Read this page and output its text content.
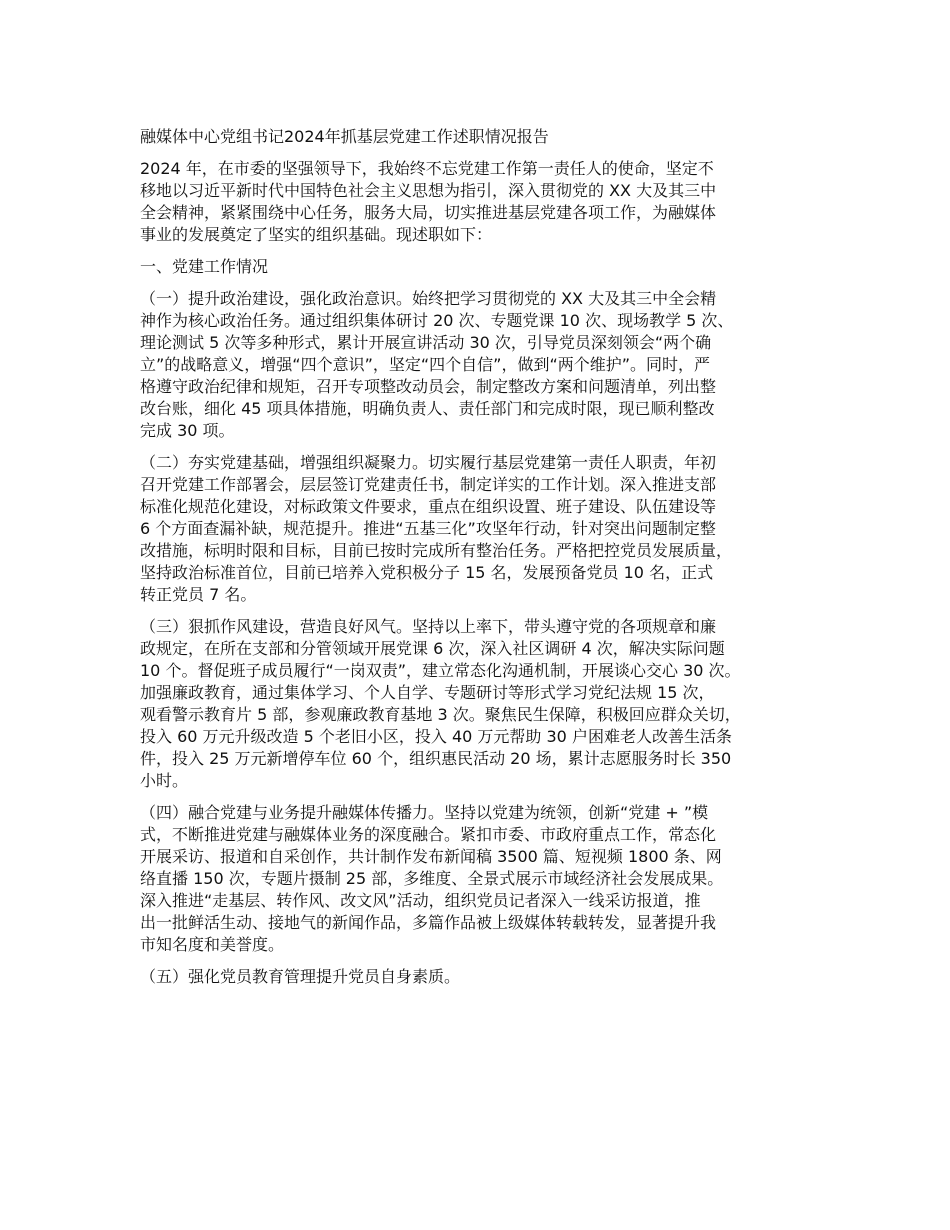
融媒体中心党组书记2024年抓基层党建工作述职情况报告
2024 年，在市委的坚强领导下，我始终不忘党建工作第一责任人的使命，坚定不
移地以习近平新时代中国特色社会主义思想为指引，深入贯彻党的 XX 大及其三中
全会精神，紧紧围绕中心任务，服务大局，切实推进基层党建各项工作，为融媒体
事业的发展奠定了坚实的组织基础。现述职如下：
一、党建工作情况
（一）提升政治建设，强化政治意识。始终把学习贯彻党的 XX 大及其三中全会精
神作为核心政治任务。通过组织集体研讨 20 次、专题党课 10 次、现场教学 5 次、
理论测试 5 次等多种形式，累计开展宣讲活动 30 次，引导党员深刻领会“两个确
立”的战略意义，增强“四个意识”，坚定“四个自信”，做到“两个维护”。同时，严
格遵守政治纪律和规矩，召开专项整改动员会，制定整改方案和问题清单，列出整
改台账，细化 45 项具体措施，明确负责人、责任部门和完成时限，现已顺利整改
完成 30 项。
（二）夯实党建基础，增强组织凝聚力。切实履行基层党建第一责任人职责，年初
召开党建工作部署会，层层签订党建责任书，制定详实的工作计划。深入推进支部
标准化规范化建设，对标政策文件要求，重点在组织设置、班子建设、队伍建设等
6 个方面查漏补缺，规范提升。推进“五基三化”攻坚年行动，针对突出问题制定整
改措施，标明时限和目标，目前已按时完成所有整治任务。严格把控党员发展质量，
坚持政治标准首位，目前已培养入党积极分子 15 名，发展预备党员 10 名，正式
转正党员 7 名。
（三）狠抓作风建设，营造良好风气。坚持以上率下，带头遵守党的各项规章和廉
政规定，在所在支部和分管领域开展党课 6 次，深入社区调研 4 次，解决实际问题
10 个。督促班子成员履行“一岗双责”，建立常态化沟通机制，开展谈心交心 30 次。
加强廉政教育，通过集体学习、个人自学、专题研讨等形式学习党纪法规 15 次，
观看警示教育片 5 部，参观廉政教育基地 3 次。聚焦民生保障，积极回应群众关切，
投入 60 万元升级改造 5 个老旧小区，投入 40 万元帮助 30 户困难老人改善生活条
件，投入 25 万元新增停车位 60 个，组织惠民活动 20 场，累计志愿服务时长 350
小时。
（四）融合党建与业务提升融媒体传播力。坚持以党建为统领，创新“党建 + ”模
式，不断推进党建与融媒体业务的深度融合。紧扣市委、市政府重点工作，常态化
开展采访、报道和自采创作，共计制作发布新闻稿 3500 篇、短视频 1800 条、网
络直播 150 次，专题片摄制 25 部，多维度、全景式展示市域经济社会发展成果。
深入推进“走基层、转作风、改文风”活动，组织党员记者深入一线采访报道，推
出一批鲜活生动、接地气的新闻作品，多篇作品被上级媒体转载转发，显著提升我
市知名度和美誉度。
（五）强化党员教育管理提升党员自身素质。
